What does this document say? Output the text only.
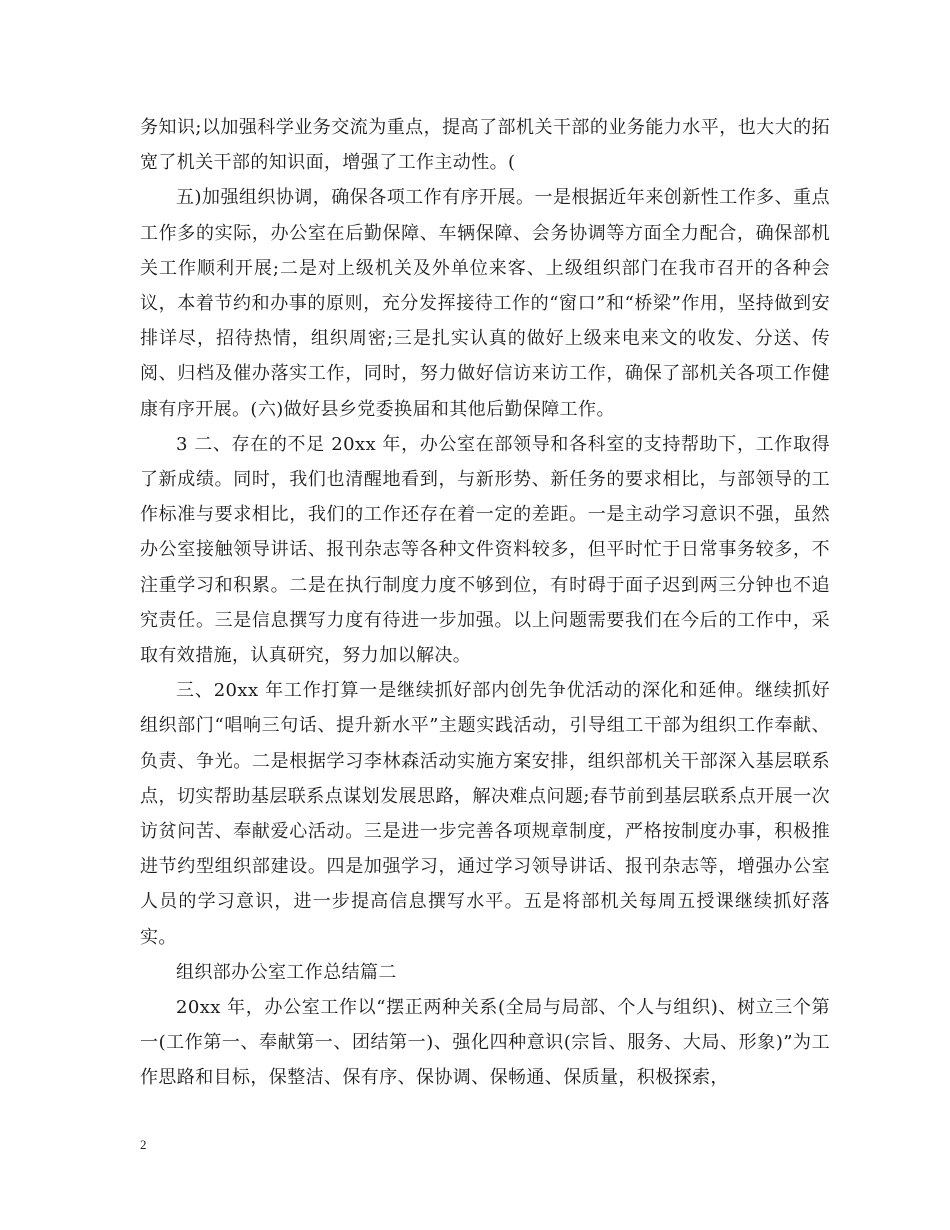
务知识;以加强科学业务交流为重点，提高了部机关干部的业务能力水平，也大大的拓宽了机关干部的知识面，增强了工作主动性。(

五)加强组织协调，确保各项工作有序开展。一是根据近年来创新性工作多、重点工作多的实际，办公室在后勤保障、车辆保障、会务协调等方面全力配合，确保部机关工作顺利开展;二是对上级机关及外单位来客、上级组织部门在我市召开的各种会议，本着节约和办事的原则，充分发挥接待工作的“窗口”和“桥梁”作用，坚持做到安排详尽，招待热情，组织周密;三是扎实认真的做好上级来电来文的收发、分送、传阅、归档及催办落实工作，同时，努力做好信访来访工作，确保了部机关各项工作健康有序开展。(六)做好县乡党委换届和其他后勤保障工作。

3 二、存在的不足 20xx 年，办公室在部领导和各科室的支持帮助下，工作取得了新成绩。同时，我们也清醒地看到，与新形势、新任务的要求相比，与部领导的工作标准与要求相比，我们的工作还存在着一定的差距。一是主动学习意识不强，虽然办公室接触领导讲话、报刊杂志等各种文件资料较多，但平时忙于日常事务较多，不注重学习和积累。二是在执行制度力度不够到位，有时碍于面子迟到两三分钟也不追究责任。三是信息撰写力度有待进一步加强。以上问题需要我们在今后的工作中，采取有效措施，认真研究，努力加以解决。

三、20xx 年工作打算一是继续抓好部内创先争优活动的深化和延伸。继续抓好组织部门“唱响三句话、提升新水平”主题实践活动，引导组工干部为组织工作奉献、负责、争光。二是根据学习李林森活动实施方案安排，组织部机关干部深入基层联系点，切实帮助基层联系点谋划发展思路，解决难点问题;春节前到基层联系点开展一次访贫问苦、奉献爱心活动。三是进一步完善各项规章制度，严格按制度办事，积极推进节约型组织部建设。四是加强学习，通过学习领导讲话、报刊杂志等，增强办公室人员的学习意识，进一步提高信息撰写水平。五是将部机关每周五授课继续抓好落实。

组织部办公室工作总结篇二

20xx 年，办公室工作以“摆正两种关系(全局与局部、个人与组织)、树立三个第一(工作第一、奉献第一、团结第一)、强化四种意识(宗旨、服务、大局、形象)”为工作思路和目标，保整洁、保有序、保协调、保畅通、保质量，积极探索，

2
